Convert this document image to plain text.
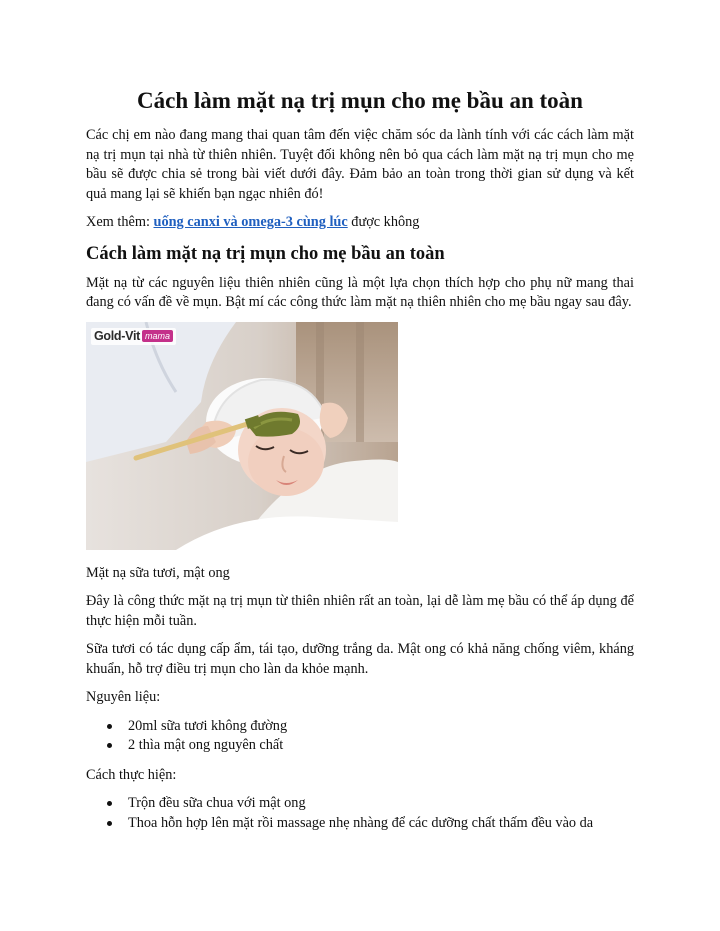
Cách làm mặt nạ trị mụn cho mẹ bầu an toàn

Các chị em nào đang mang thai quan tâm đến việc chăm sóc da lành tính với các cách làm mặt nạ trị mụn tại nhà từ thiên nhiên. Tuyệt đối không nên bỏ qua cách làm mặt nạ trị mụn cho mẹ bầu sẽ được chia sẻ trong bài viết dưới đây. Đảm bảo an toàn trong thời gian sử dụng và kết quả mang lại sẽ khiến bạn ngạc nhiên đó!

Xem thêm: uống canxi và omega-3 cùng lúc được không

Cách làm mặt nạ trị mụn cho mẹ bầu an toàn

Mặt nạ từ các nguyên liệu thiên nhiên cũng là một lựa chọn thích hợp cho phụ nữ mang thai đang có vấn đề về mụn. Bật mí các công thức làm mặt nạ thiên nhiên cho mẹ bầu ngay sau đây.

Gold-Vit mama

Mặt nạ sữa tươi, mật ong

Đây là công thức mặt nạ trị mụn từ thiên nhiên rất an toàn, lại dễ làm mẹ bầu có thể áp dụng để thực hiện mỗi tuần.

Sữa tươi có tác dụng cấp ẩm, tái tạo, dưỡng trắng da. Mật ong có khả năng chống viêm, kháng khuẩn, hỗ trợ điều trị mụn cho làn da khỏe mạnh.

Nguyên liệu:

20ml sữa tươi không đường
2 thìa mật ong nguyên chất

Cách thực hiện:

Trộn đều sữa chua với mật ong
Thoa hỗn hợp lên mặt rồi massage nhẹ nhàng để các dưỡng chất thấm đều vào da
